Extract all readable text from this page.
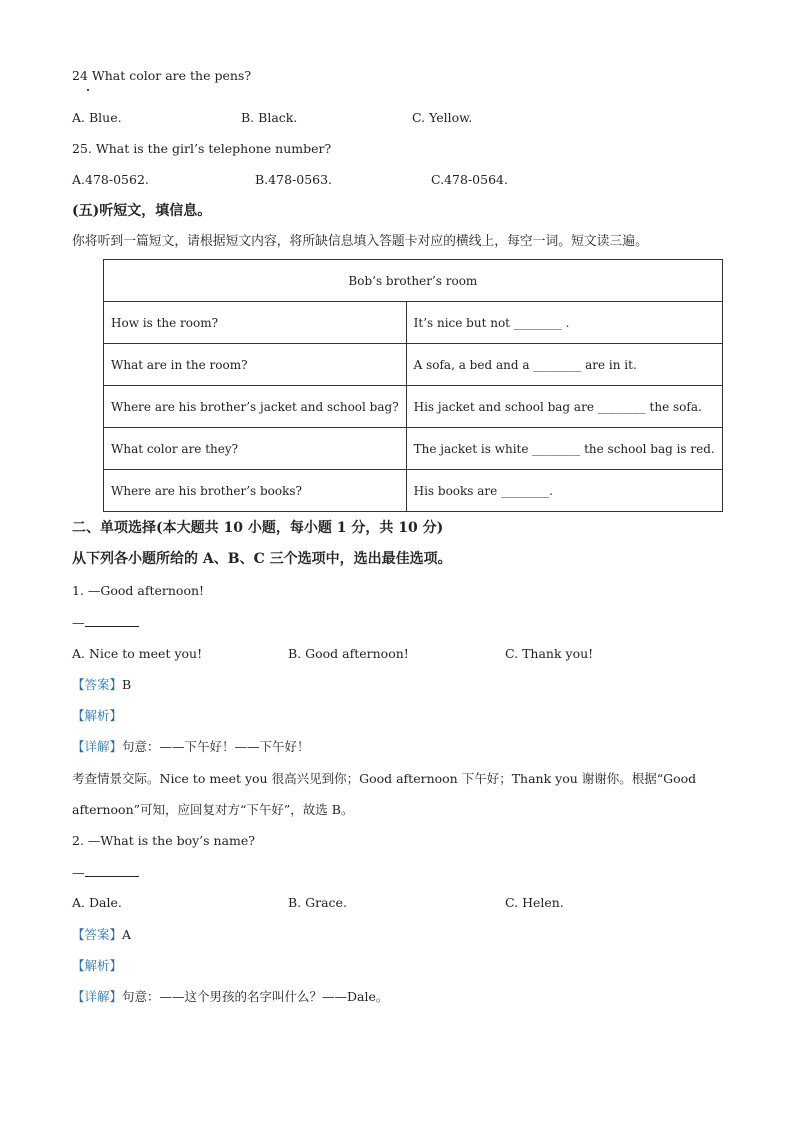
24 What color are the pens?
A. Blue.	B. Black.	C. Yellow.
25. What is the girl’s telephone number?
A.478-0562.	B.478-0563.	C.478-0564.
(五)听短文，填信息。
你将听到一篇短文，请根据短文内容，将所缺信息填入答题卡对应的横线上，每空一词。短文读三遍。
Bob’s brother’s room	
How is the room?	It’s nice but not ________ .
What are in the room?	A sofa, a bed and a ________ are in it.
Where are his brother’s jacket and school bag?	His jacket and school bag are ________ the sofa.
What color are they?	The jacket is white ________ the school bag is red.
Where are his brother’s books?	His books are ________.
二、单项选择(本大题共 10 小题，每小题 1 分，共 10 分)
从下列各小题所给的 A、B、C 三个选项中，选出最佳选项。
1. —Good afternoon!
—
A. Nice to meet you!	B. Good afternoon!	C. Thank you!
【答案】B
【解析】
【详解】句意：——下午好！——下午好！
考查情景交际。Nice to meet you 很高兴见到你；Good afternoon 下午好；Thank you 谢谢你。根据“Good
afternoon”可知，应回复对方“下午好”，故选 B。
2. —What is the boy’s name?
—
A. Dale.	B. Grace.	C. Helen.
【答案】A
【解析】
【详解】句意：——这个男孩的名字叫什么？——Dale。
